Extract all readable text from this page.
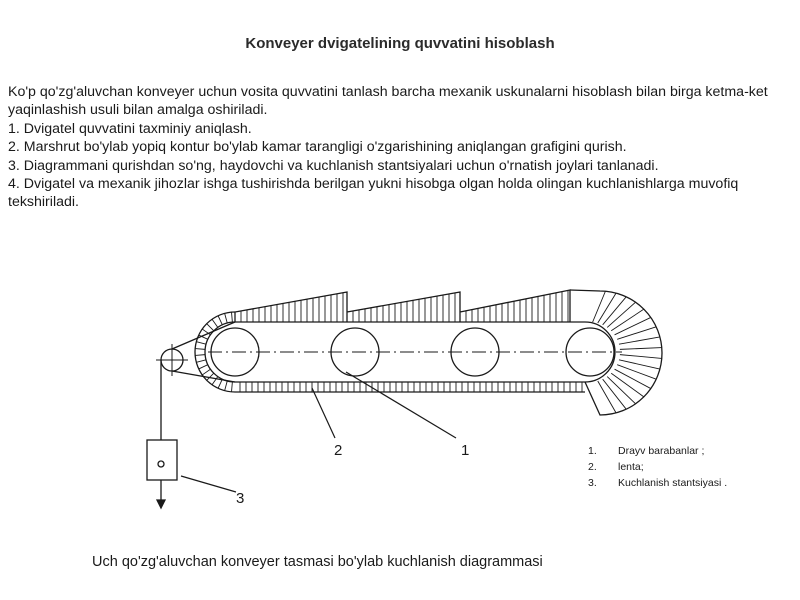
Konveyer dvigatelining quvvatini hisoblash

Ko'p qo'zg'aluvchan konveyer uchun vosita quvvatini tanlash barcha mexanik uskunalarni hisoblash bilan birga ketma-ket yaqinlashish usuli bilan amalga oshiriladi.

1. Dvigatel quvvatini taxminiy aniqlash.

2. Marshrut bo'ylab yopiq kontur bo'ylab kamar tarangligi o'zgarishining aniqlangan grafigini qurish.

3. Diagrammani qurishdan so'ng, haydovchi va kuchlanish stantsiyalari uchun o'rnatish joylari tanlanadi.

4. Dvigatel va mexanik jihozlar ishga tushirishda berilgan yukni hisobga olgan holda olingan kuchlanishlarga muvofiq tekshiriladi.

1
2
3
1. Drayv barabanlar ;
2. lenta;
3. Kuchlanish stantsiyasi .
Uch qo'zg'aluvchan konveyer tasmasi bo'ylab kuchlanish diagrammasi
